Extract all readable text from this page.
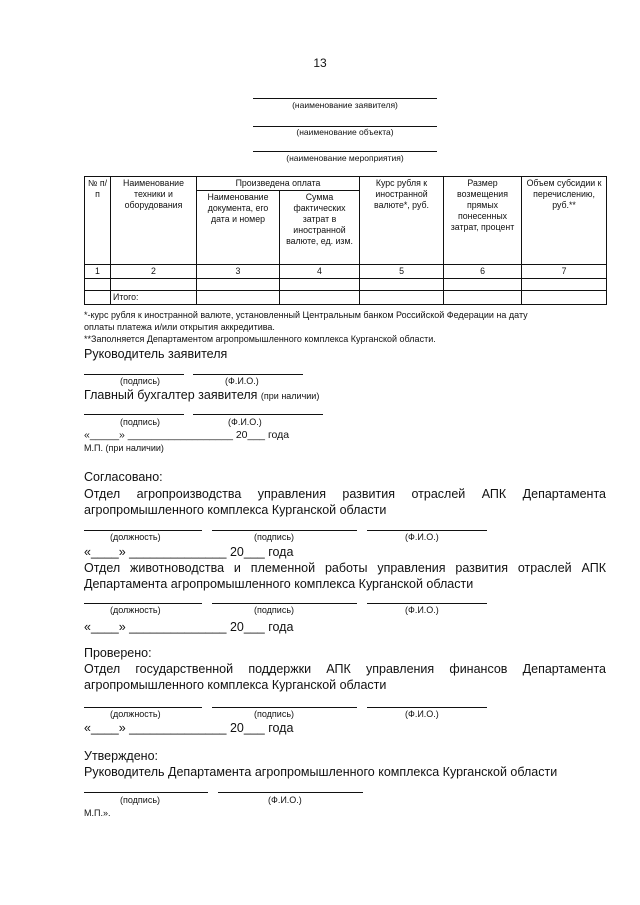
13
(наименование заявителя)
(наименование объекта)
(наименование мероприятия)
№ п/п	Наименование техники и оборудования	Произведена оплата		Курс рубля к иностранной валюте*, руб.	Размер возмещения прямых понесенных затрат, процент	Объем субсидии к перечислению, руб.**
		Наименование документа, его дата и номер	Сумма фактических затрат в иностранной валюте, ед. изм.			
1	2	3	4	5	6	7

	Итого:					
*-курс рубля к иностранной валюте, установленный Центральным банком Российской Федерации на дату
оплаты платежа и/или открытия аккредитива.
**Заполняется Департаментом агропромышленного комплекса Курганской области.
Руководитель заявителя
(подпись)	(Ф.И.О.)
Главный бухгалтер заявителя (при наличии)
(подпись)	(Ф.И.О.)
«_____» __________________ 20___ года
М.П. (при наличии)
Согласовано:
Отдел агропроизводства управления развития отраслей АПК Департамента
агропромышленного комплекса Курганской области
(должность)	(подпись)	(Ф.И.О.)
«____» ______________ 20___ года
Отдел животноводства и племенной работы управления развития отраслей АПК
Департамента агропромышленного комплекса Курганской области
(должность)	(подпись)	(Ф.И.О.)
«____» ______________ 20___ года
Проверено:
Отдел государственной поддержки АПК управления финансов Департамента
агропромышленного комплекса Курганской области
(должность)	(подпись)	(Ф.И.О.)
«____» ______________ 20___ года
Утверждено:
Руководитель Департамента агропромышленного комплекса Курганской области
(подпись)	(Ф.И.О.)
М.П.».
